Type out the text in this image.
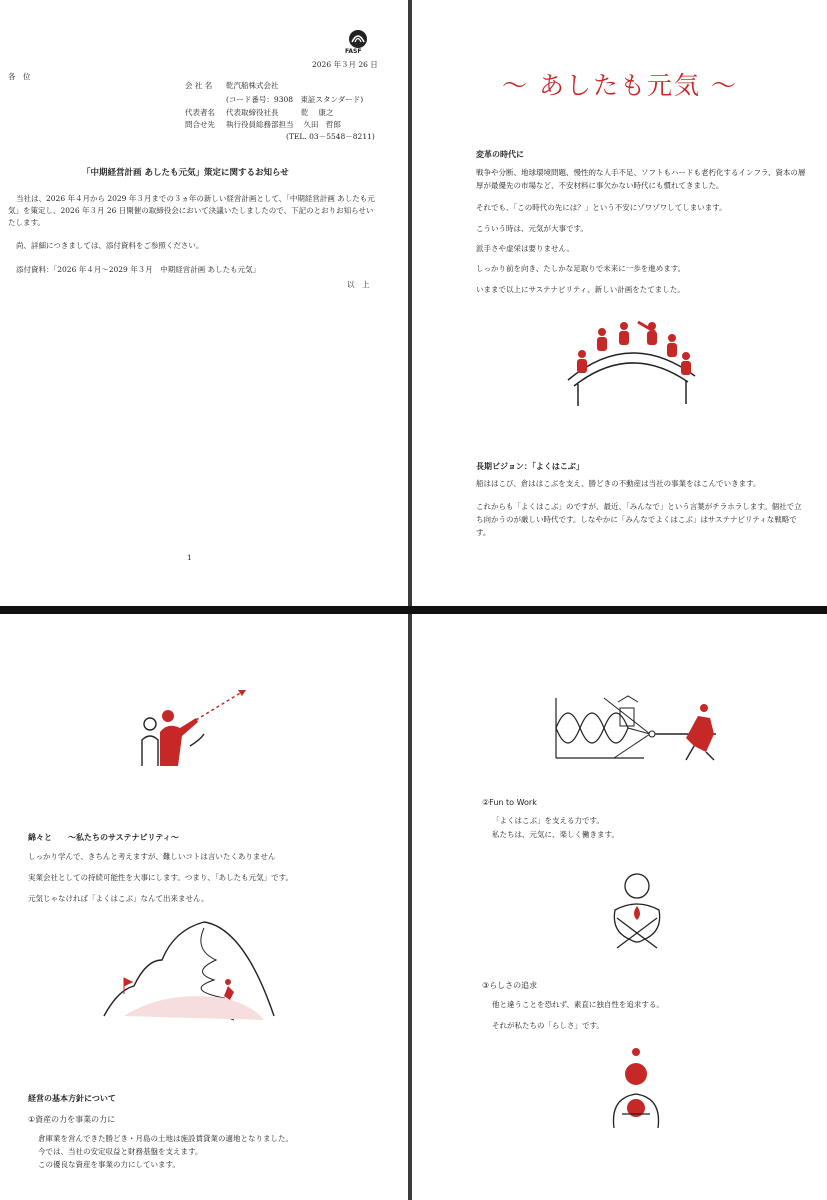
FASF
2026 年３月 26 日
各　位
会 社 名 乾汽船株式会社
(コード番号：9308　東証スタンダード)
代表者名 代表取締役社長　　　乾　 康之
問合せ先 執行役員総務部担当　 久田　哲郎
(TEL. 03－5548－8211)
「中期経営計画 あしたも元気」策定に関するお知らせ
当社は、2026 年４月から 2029 年３月までの３ヵ年の新しい経営計画として、「中期経営計画 あしたも元気」を策定し、2026 年３月 26 日開催の取締役会において決議いたしましたので、下記のとおりお知らせいたします。
尚、詳細につきましては、添付資料をご参照ください。
添付資料：「2026 年４月～2029 年３月　中期経営計画 あしたも元気」
以　上
1
～ あしたも元気 ～
変革の時代に
戦争や分断、地球環境問題、慢性的な人手不足、ソフトもハードも老朽化するインフラ、資本の層厚が最優先の市場など、不安材料に事欠かない時代にも慣れてきました。
それでも、「この時代の先には？」という不安にゾワゾワしてしまいます。
こういう時は、元気が大事です。
派手さや虚栄は要りません。
しっかり前を向き、たしかな足取りで未来に一歩を進めます。
いままで以上にサステナビリティ、新しい計画をたてました。
長期ビジョン：「よくはこぶ」
船ははこび、倉ははこぶを支え、勝どきの不動産は当社の事業をはこんでいきます。
これからも「よくはこぶ」のですが、最近、「みんなで」という言葉がチラホラします。個社で立ち向かうのが厳しい時代です。しなやかに「みんなでよくはこぶ」はサステナビリティな戦略です。
綿々と　　～私たちのサステナビリティ～
しっかり学んで、きちんと考えますが、難しいコトは言いたくありません
実業会社としての持続可能性を大事にします。つまり、「あしたも元気」です。
元気じゃなければ「よくはこぶ」なんて出来ません。
経営の基本方針について
①資産の力を事業の力に
倉庫業を営んできた勝どき・月島の土地は施設賃貸業の適地となりました。
今では、当社の安定収益と財務基盤を支えます。
この優良な資産を事業の力にしています。
②Fun to Work
「よくはこぶ」を支える力です。
私たちは、元気に、楽しく働きます。
③らしさの追求
他と違うことを恐れず、素直に独自性を追求する。
それが私たちの「らしさ」です。
